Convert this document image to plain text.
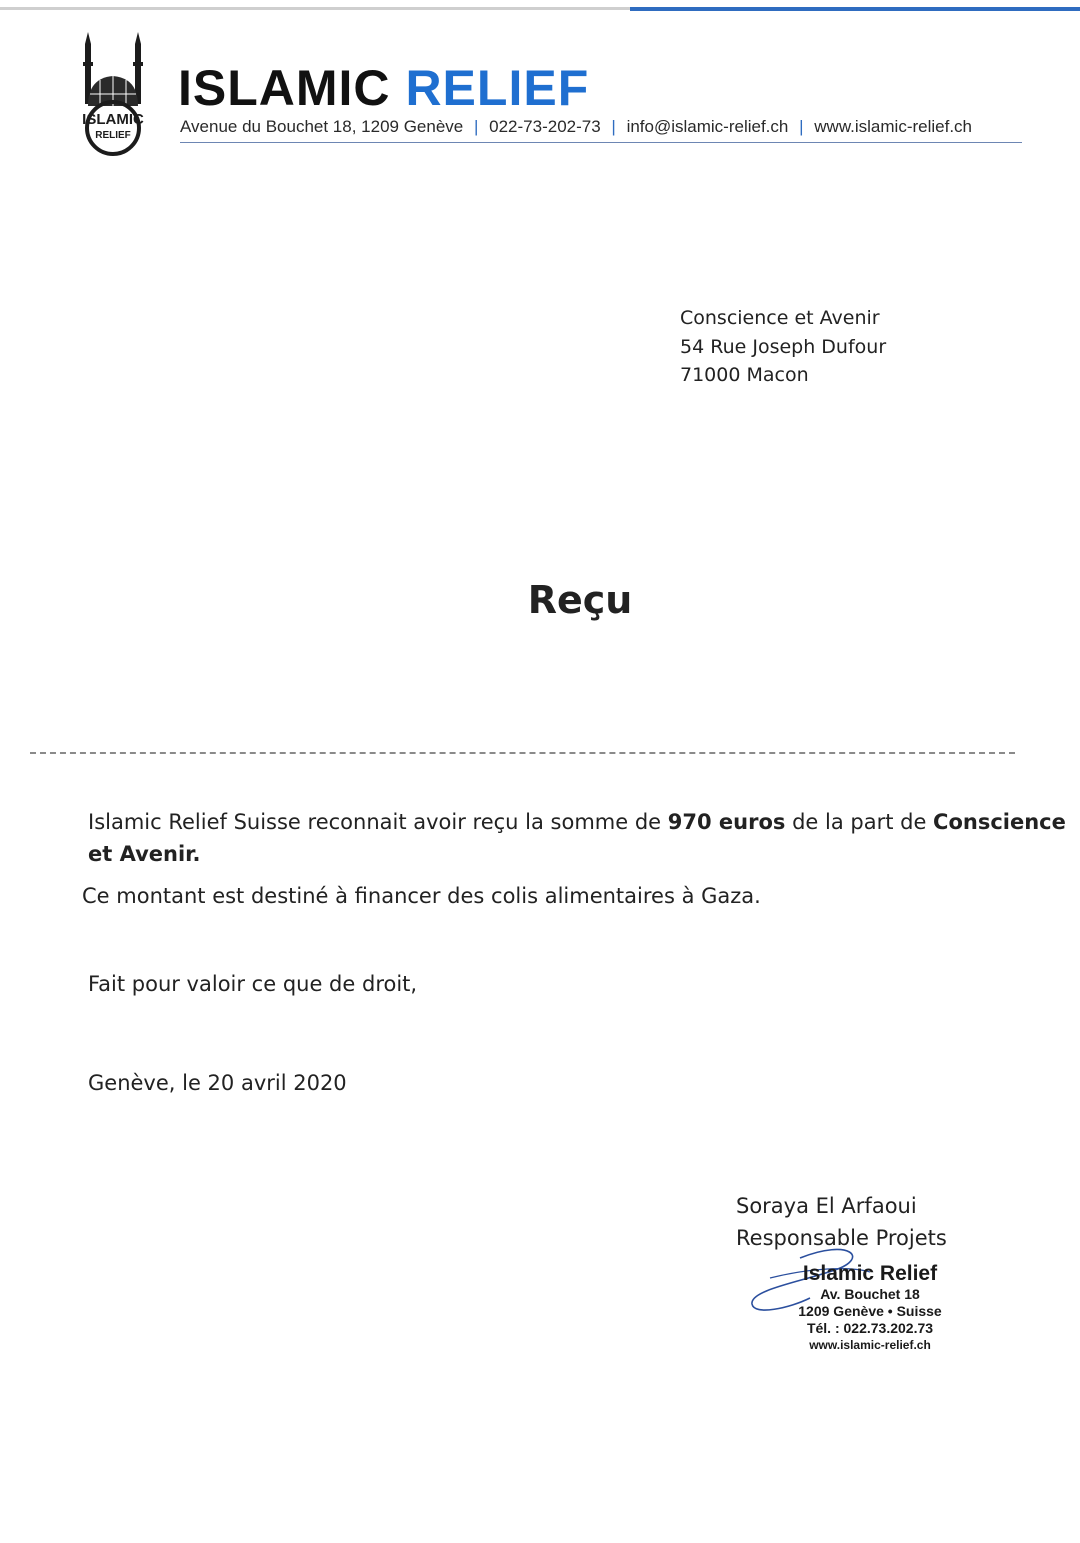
ISLAMIC
RELIEF
ISLAMIC RELIEF
Avenue du Bouchet 18, 1209 Genève | 022-73-202-73 | info@islamic-relief.ch | www.islamic-relief.ch
Conscience et Avenir
54 Rue Joseph Dufour
71000 Macon
Reçu
Islamic Relief Suisse reconnait avoir reçu la somme de 970 euros de la part de Conscience et Avenir.
Ce montant est destiné à financer des colis alimentaires à Gaza.
Fait pour valoir ce que de droit,
Genève, le 20 avril 2020
Soraya El Arfaoui
Responsable Projets
Islamic Relief
Av. Bouchet 18
1209 Genève • Suisse
Tél. : 022.73.202.73
www.islamic-relief.ch
